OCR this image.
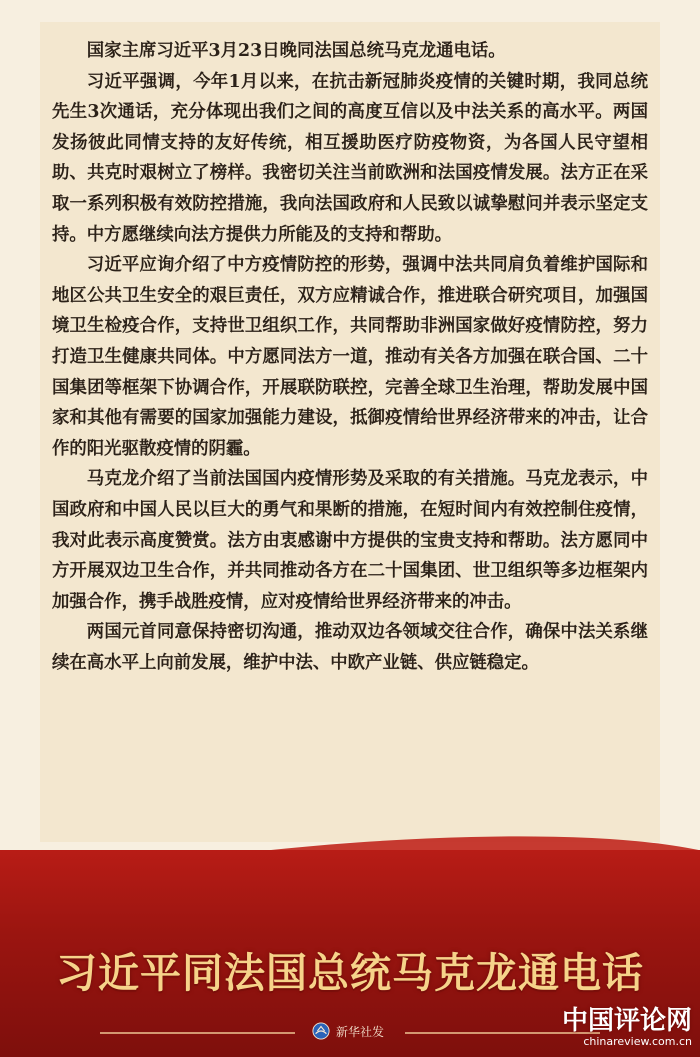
国家主席习近平3月23日晚同法国总统马克龙通电话。

习近平强调，今年1月以来，在抗击新冠肺炎疫情的关键时期，我同总统先生3次通话，充分体现出我们之间的高度互信以及中法关系的高水平。两国发扬彼此同情支持的友好传统，相互援助医疗防疫物资，为各国人民守望相助、共克时艰树立了榜样。我密切关注当前欧洲和法国疫情发展。法方正在采取一系列积极有效防控措施，我向法国政府和人民致以诚挚慰问并表示坚定支持。中方愿继续向法方提供力所能及的支持和帮助。

习近平应询介绍了中方疫情防控的形势，强调中法共同肩负着维护国际和地区公共卫生安全的艰巨责任，双方应精诚合作，推进联合研究项目，加强国境卫生检疫合作，支持世卫组织工作，共同帮助非洲国家做好疫情防控，努力打造卫生健康共同体。中方愿同法方一道，推动有关各方加强在联合国、二十国集团等框架下协调合作，开展联防联控，完善全球卫生治理，帮助发展中国家和其他有需要的国家加强能力建设，抵御疫情给世界经济带来的冲击，让合作的阳光驱散疫情的阴霾。

马克龙介绍了当前法国国内疫情形势及采取的有关措施。马克龙表示，中国政府和中国人民以巨大的勇气和果断的措施，在短时间内有效控制住疫情，我对此表示高度赞赏。法方由衷感谢中方提供的宝贵支持和帮助。法方愿同中方开展双边卫生合作，并共同推动各方在二十国集团、世卫组织等多边框架内加强合作，携手战胜疫情，应对疫情给世界经济带来的冲击。

两国元首同意保持密切沟通，推动双边各领域交往合作，确保中法关系继续在高水平上向前发展，维护中法、中欧产业链、供应链稳定。

习近平同法国总统马克龙通电话
新华社发	中国评论网
chinareview.com.cn
